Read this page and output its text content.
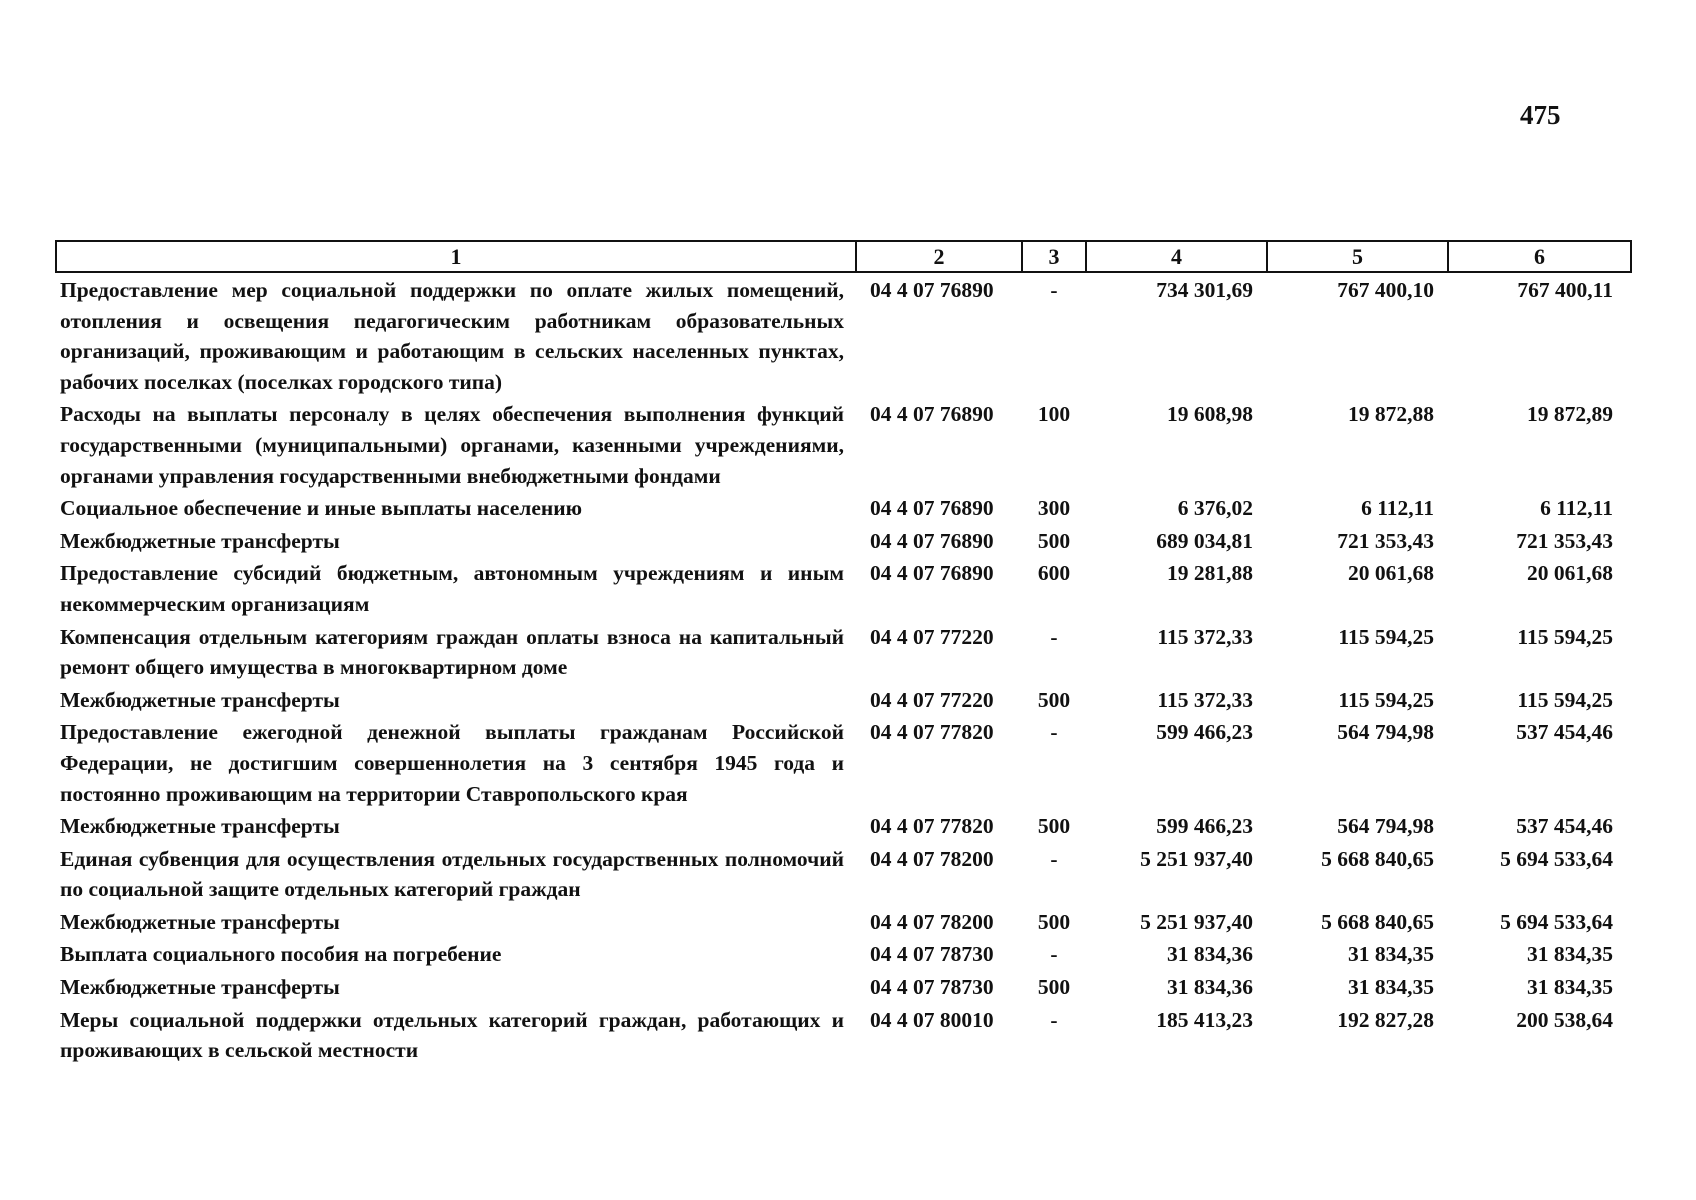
475
1	2	3	4	5	6
Предоставление мер социальной поддержки по оплате жилых помещений, отопления и освещения педагогическим работникам образовательных организаций, проживающим и работающим в сельских населенных пунктах, рабочих поселках (поселках городского типа)	04 4 07 76890	-	734 301,69	767 400,10	767 400,11
Расходы на выплаты персоналу в целях обеспечения выполнения функций государственными (муниципальными) органами, казенными учреждениями, органами управления государственными внебюджетными фондами	04 4 07 76890	100	19 608,98	19 872,88	19 872,89
Социальное обеспечение и иные выплаты населению	04 4 07 76890	300	6 376,02	6 112,11	6 112,11
Межбюджетные трансферты	04 4 07 76890	500	689 034,81	721 353,43	721 353,43
Предоставление субсидий бюджетным, автономным учреждениям и иным некоммерческим организациям	04 4 07 76890	600	19 281,88	20 061,68	20 061,68
Компенсация отдельным категориям граждан оплаты взноса на капитальный ремонт общего имущества в многоквартирном доме	04 4 07 77220	-	115 372,33	115 594,25	115 594,25
Межбюджетные трансферты	04 4 07 77220	500	115 372,33	115 594,25	115 594,25
Предоставление ежегодной денежной выплаты гражданам Российской Федерации, не достигшим совершеннолетия на 3 сентября 1945 года и постоянно проживающим на территории Ставропольского края	04 4 07 77820	-	599 466,23	564 794,98	537 454,46
Межбюджетные трансферты	04 4 07 77820	500	599 466,23	564 794,98	537 454,46
Единая субвенция для осуществления отдельных государственных полномочий по социальной защите отдельных категорий граждан	04 4 07 78200	-	5 251 937,40	5 668 840,65	5 694 533,64
Межбюджетные трансферты	04 4 07 78200	500	5 251 937,40	5 668 840,65	5 694 533,64
Выплата социального пособия на погребение	04 4 07 78730	-	31 834,36	31 834,35	31 834,35
Межбюджетные трансферты	04 4 07 78730	500	31 834,36	31 834,35	31 834,35
Меры социальной поддержки отдельных категорий граждан, работающих и проживающих в сельской местности	04 4 07 80010	-	185 413,23	192 827,28	200 538,64
